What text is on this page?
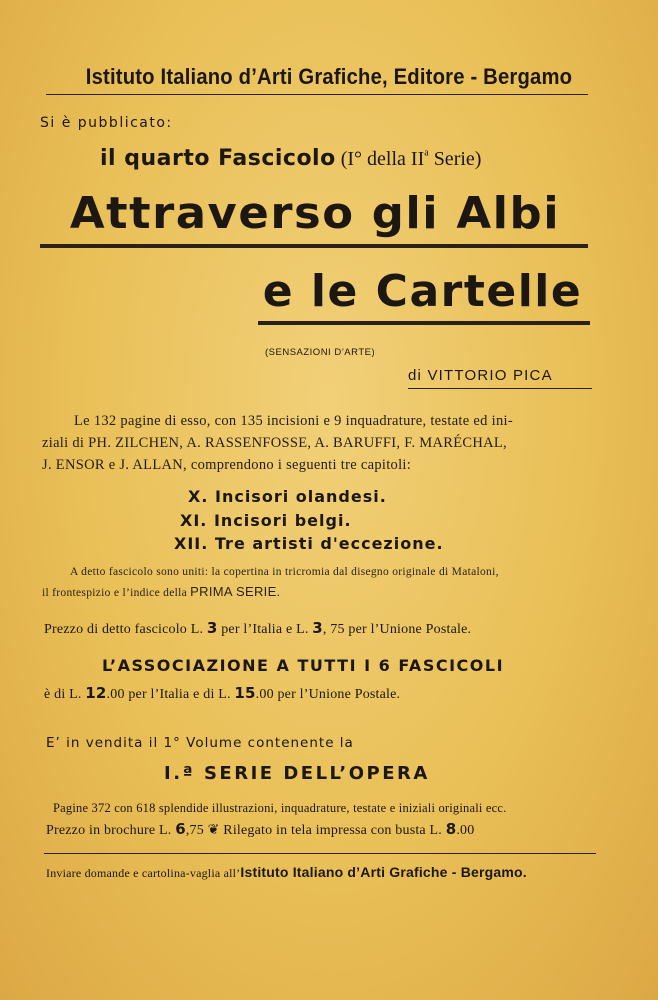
Istituto Italiano d’Arti Grafiche, Editore - Bergamo

Si è pubblicato:

il quarto Fascicolo (I° della $II^a$ Serie)

Attraverso gli Albi

e le Cartelle

(SENSAZIONI D’ARTE)

di VITTORIO PICA

Le 132 pagine di esso, con 135 incisioni e 9 inquadrature, testate ed ini-

ziali di PH. ZILCHEN, A. RASSENFOSSE, A. BARUFFI, F. MARÉCHAL,

J. ENSOR e J. ALLAN, comprendono i seguenti tre capitoli:

X. Incisori olandesi.

XI. Incisori belgi.

XII. Tre artisti d'eccezione.

A detto fascicolo sono uniti: la copertina in tricromia dal disegno originale di Mataloni,

il frontespizio e l’indice della PRIMA SERIE.

Prezzo di detto fascicolo L. 3 per l’Italia e L. 3, 75 per l’Unione Postale.

L’ASSOCIAZIONE A TUTTI I 6 FASCICOLI

è di L. 12.00 per l’Italia e di L. 15.00 per l’Unione Postale.

E’ in vendita il 1° Volume contenente la

I.ª SERIE DELL’OPERA

Pagine 372 con 618 splendide illustrazioni, inquadrature, testate e iniziali originali ecc.

Prezzo in brochure L. 6,75 ❦ Rilegato in tela impressa con busta L. 8.00

Inviare domande e cartolina-vaglia all’Istituto Italiano d’Arti Grafiche - Bergamo.
